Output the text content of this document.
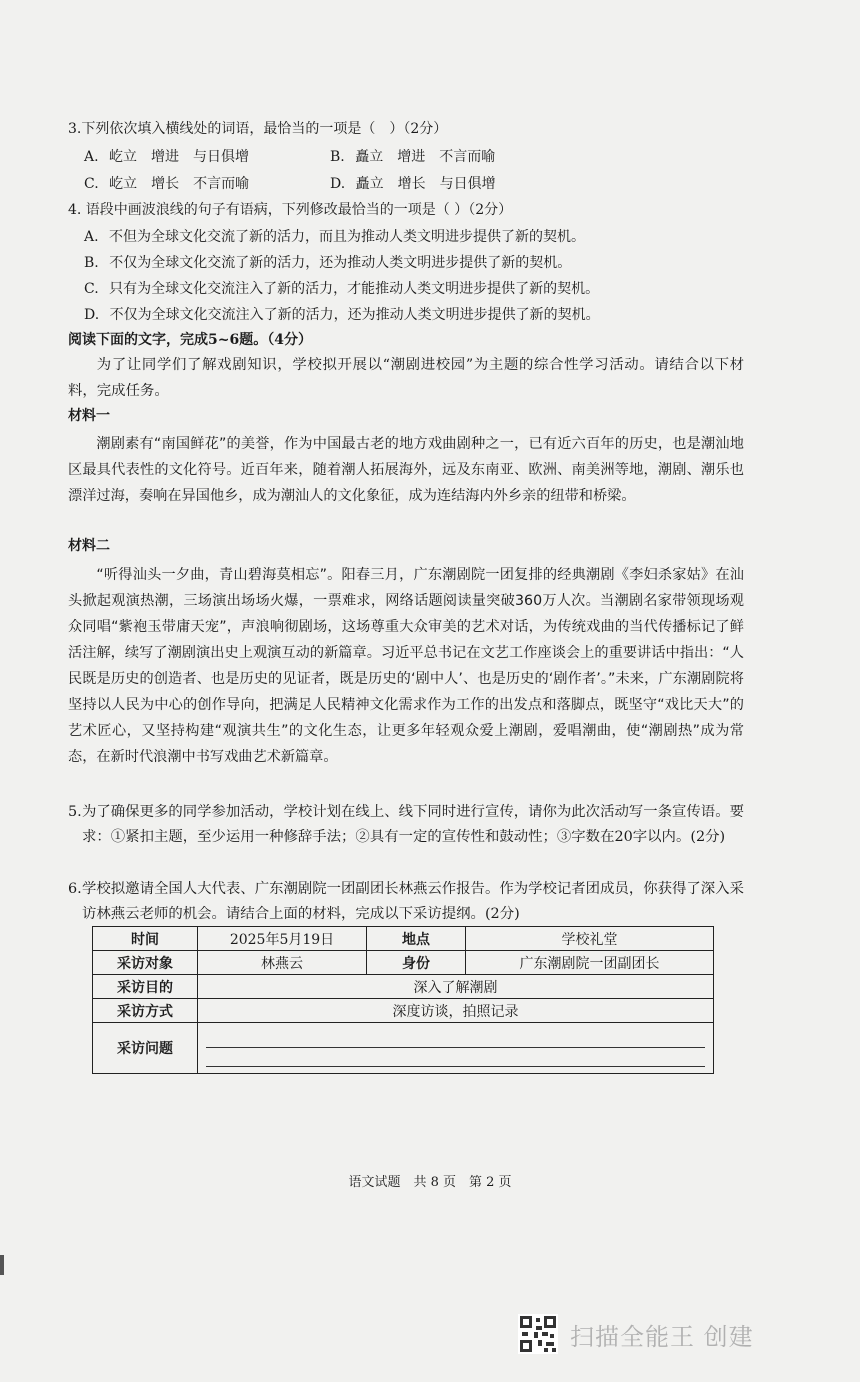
3.下列依次填入横线处的词语，最恰当的一项是（　）（2分）
A. 屹立　增进　与日俱增	B. 矗立　增进　不言而喻
C. 屹立　增长　不言而喻	D. 矗立　增长　与日俱增
4. 语段中画波浪线的句子有语病，下列修改最恰当的一项是（ ）（2分）
A. 不但为全球文化交流了新的活力，而且为推动人类文明进步提供了新的契机。
B. 不仅为全球文化交流了新的活力，还为推动人类文明进步提供了新的契机。
C. 只有为全球文化交流注入了新的活力，才能推动人类文明进步提供了新的契机。
D. 不仅为全球文化交流注入了新的活力，还为推动人类文明进步提供了新的契机。
阅读下面的文字，完成5~6题。（4分）
为了让同学们了解戏剧知识，学校拟开展以“潮剧进校园”为主题的综合性学习活动。请结合以下材料，完成任务。
材料一
潮剧素有“南国鲜花”的美誉，作为中国最古老的地方戏曲剧种之一，已有近六百年的历史，也是潮汕地区最具代表性的文化符号。近百年来，随着潮人拓展海外，远及东南亚、欧洲、南美洲等地，潮剧、潮乐也漂洋过海，奏响在异国他乡，成为潮汕人的文化象征，成为连结海内外乡亲的纽带和桥梁。
材料二
“听得汕头一夕曲，青山碧海莫相忘”。阳春三月，广东潮剧院一团复排的经典潮剧《李妇杀家姑》在汕头掀起观演热潮，三场演出场场火爆，一票难求，网络话题阅读量突破360万人次。当潮剧名家带领现场观众同唱“紫袍玉带庸天宠”，声浪响彻剧场，这场尊重大众审美的艺术对话，为传统戏曲的当代传播标记了鲜活注解，续写了潮剧演出史上观演互动的新篇章。习近平总书记在文艺工作座谈会上的重要讲话中指出：“人民既是历史的创造者、也是历史的见证者，既是历史的‘剧中人’、也是历史的‘剧作者’。”未来，广东潮剧院将坚持以人民为中心的创作导向，把满足人民精神文化需求作为工作的出发点和落脚点，既坚守“戏比天大”的艺术匠心，又坚持构建“观演共生”的文化生态，让更多年轻观众爱上潮剧，爱唱潮曲，使“潮剧热”成为常态，在新时代浪潮中书写戏曲艺术新篇章。
5. 为了确保更多的同学参加活动，学校计划在线上、线下同时进行宣传，请你为此次活动写一条宣传语。要求：①紧扣主题，至少运用一种修辞手法；②具有一定的宣传性和鼓动性；③字数在20字以内。(2分)
6. 学校拟邀请全国人大代表、广东潮剧院一团副团长林燕云作报告。作为学校记者团成员，你获得了深入采访林燕云老师的机会。请结合上面的材料，完成以下采访提纲。(2分)
时间	2025年5月19日	地点	学校礼堂
采访对象	林燕云	身份	广东潮剧院一团副团长
采访目的	深入了解潮剧		
采访方式	深度访谈，拍照记录		
采访问题			
语文试题　共 8 页　第 2 页
扫描全能王 创建
